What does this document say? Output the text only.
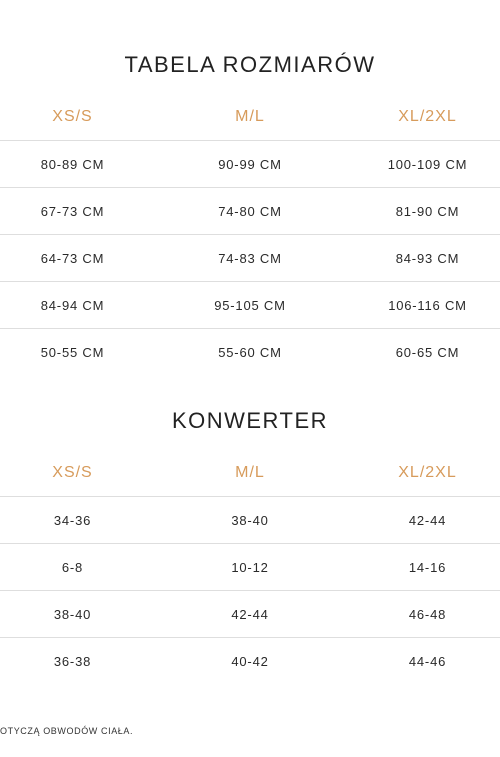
TABELA ROZMIARÓW
XS/S	M/L	XL/2XL
80-89 CM	90-99 CM	100-109 CM
67-73 CM	74-80 CM	81-90 CM
64-73 CM	74-83 CM	84-93 CM
84-94 CM	95-105 CM	106-116 CM
50-55 CM	55-60 CM	60-65 CM
KONWERTER
XS/S	M/L	XL/2XL
34-36	38-40	42-44
6-8	10-12	14-16
38-40	42-44	46-48
36-38	40-42	44-46
OTYCZĄ OBWODÓW CIAŁA.
